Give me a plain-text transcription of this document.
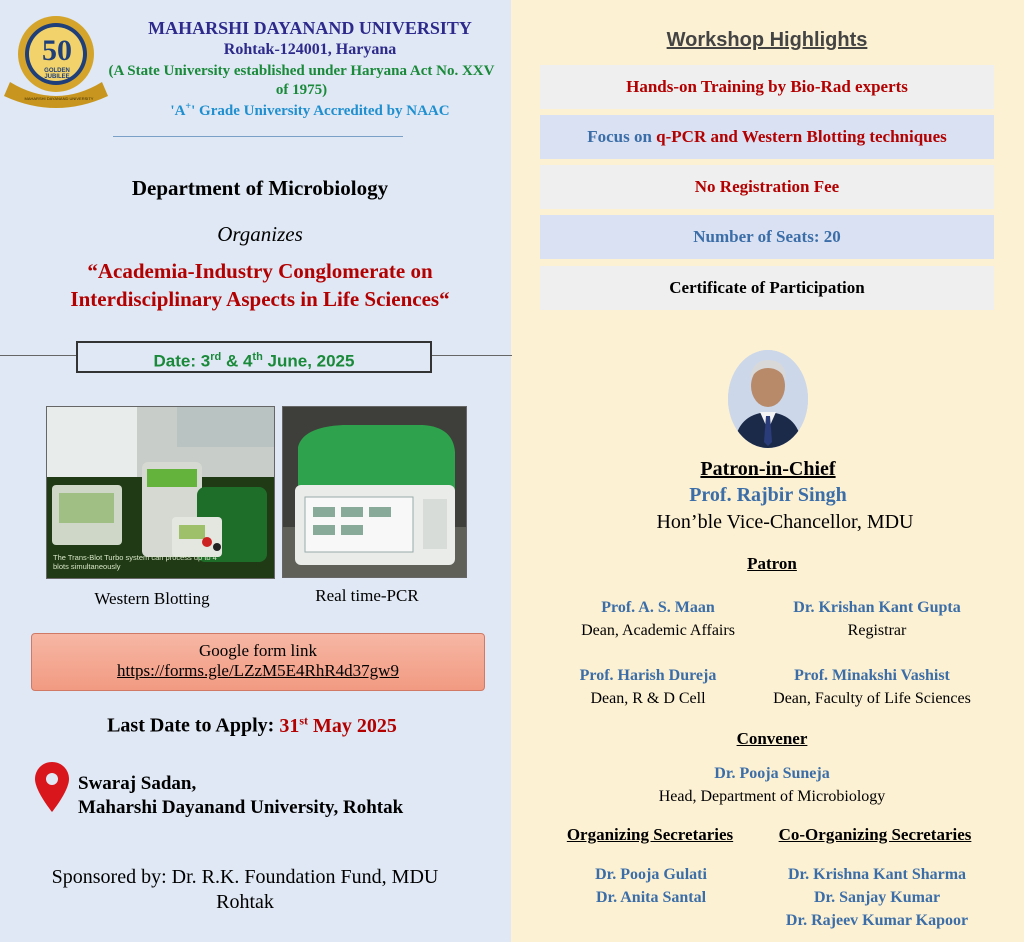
50
GOLDEN JUBILEE
MAHARSHI DAYANAND UNIVERSITY
MAHARSHI DAYANAND UNIVERSITY
Rohtak-124001, Haryana
(A State University established under Haryana Act No. XXV of 1975)
'A+' Grade University Accredited by NAAC
Department of Microbiology
Organizes
“Academia-Industry Conglomerate on Interdisciplinary Aspects in Life Sciences“
Date: 3rd & 4th June, 2025
The Trans-Blot Turbo system can process up to 4 blots simultaneously
Western Blotting	Real time-PCR
Google form link
https://forms.gle/LZzM5E4RhR4d37gw9
Last Date to Apply: 31st May 2025
Swaraj Sadan,
Maharshi Dayanand University, Rohtak
Sponsored by: Dr. R.K. Foundation Fund, MDU
Rohtak
Workshop Highlights
Hands-on Training by Bio-Rad experts
Focus on q-PCR and Western Blotting techniques
No Registration Fee
Number of Seats: 20
Certificate of Participation
Patron-in-Chief
Prof. Rajbir Singh
Hon’ble Vice-Chancellor, MDU
Patron
Prof. A. S. Maan
Dean, Academic Affairs
Dr. Krishan Kant Gupta
Registrar
Prof. Harish Dureja
Dean, R & D Cell
Prof. Minakshi Vashist
Dean, Faculty of Life Sciences
Convener
Dr. Pooja Suneja
Head, Department of Microbiology
Organizing Secretaries	Co-Organizing Secretaries
Dr. Pooja Gulati
Dr. Anita Santal
Dr. Krishna Kant Sharma
Dr. Sanjay Kumar
Dr. Rajeev Kumar Kapoor
